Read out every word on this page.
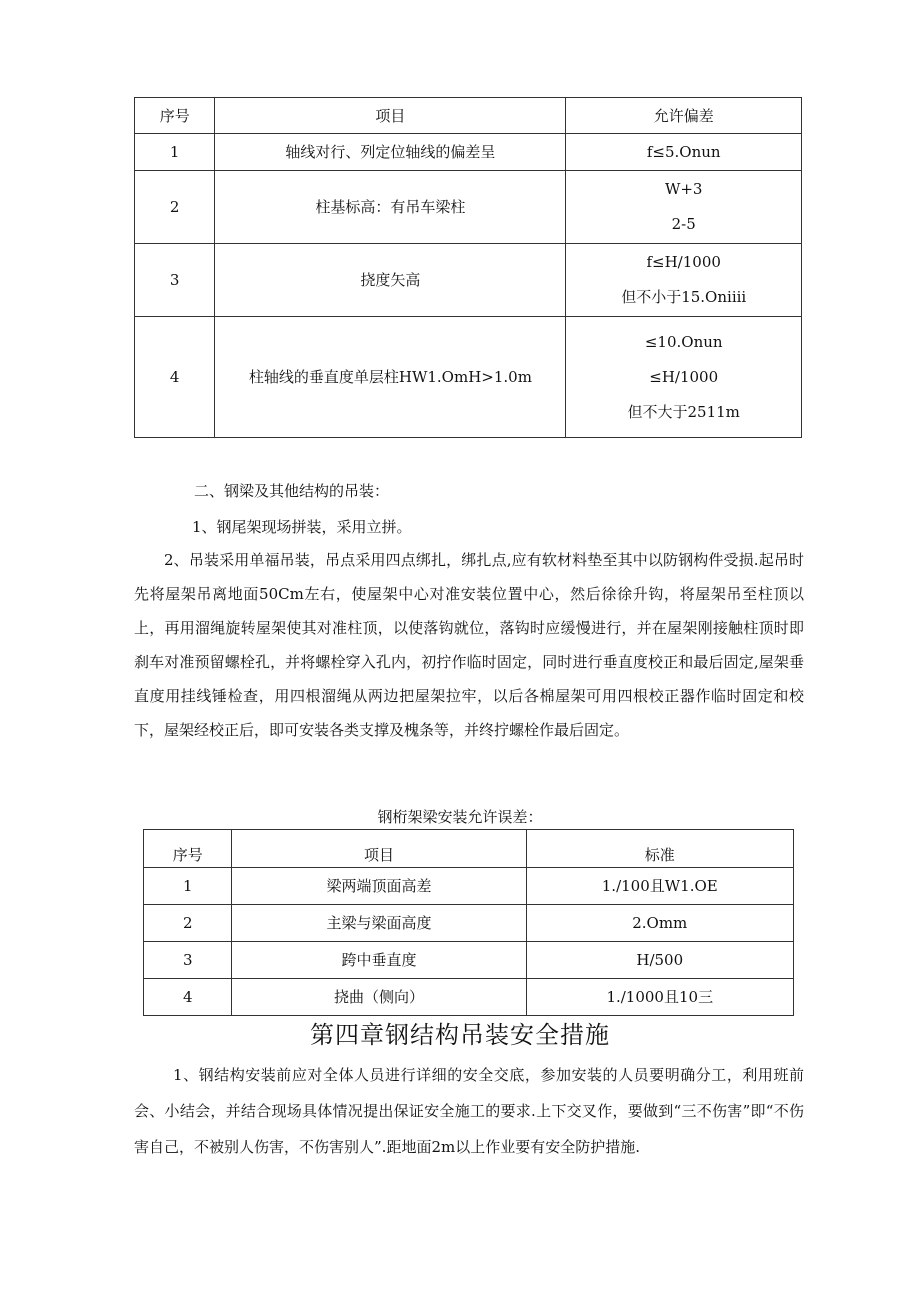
序号	项目	允许偏差
1	轴线对行、列定位轴线的偏差呈	f≤5.Onun
2	柱基标高：有吊车梁柱	W+3
2-5

3	挠度矢高	f≤H∕1000
但不小于15.Oniiii

4	柱轴线的垂直度单层柱HW1.OmH>1.0m	≤10.Onun
≤H∕1000
但不大于2511m

二、钢梁及其他结构的吊装：

1、钢尾架现场拼装，采用立拼。

2、吊装采用单福吊装，吊点采用四点绑扎，绑扎点,应有软材料垫至其中以防钢构件受损.起吊时先将屋架吊离地面50Cm左右，使屋架中心对准安装位置中心，然后徐徐升钩，将屋架吊至柱顶以上，再用溜绳旋转屋架使其对准柱顶，以使落钩就位，落钩时应缓慢进行，并在屋架刚接触柱顶时即刹车对准预留螺栓孔，并将螺栓穿入孔内，初拧作临时固定，同时进行垂直度校正和最后固定,屋架垂直度用挂线锤检查，用四根溜绳从两边把屋架拉牢，以后各棉屋架可用四根校正器作临时固定和校下，屋架经校正后，即可安装各类支撑及槐条等，并终拧螺栓作最后固定。

钢桁架梁安装允许误差：
序号	项目	标准
1	梁两端顶面高差	1./100且W1.OE
2	主梁与梁面高度	2.Omm
3	跨中垂直度	H/500
4	挠曲（侧向）	1./1000且10三
第四章钢结构吊装安全措施

1、钢结构安装前应对全体人员进行详细的安全交底，参加安装的人员要明确分工，利用班前会、小结会，并结合现场具体情况提出保证安全施工的要求.上下交叉作，要做到“三不伤害”即“不伤害自己，不被别人伤害，不伤害别人”.距地面2m以上作业要有安全防护措施.
